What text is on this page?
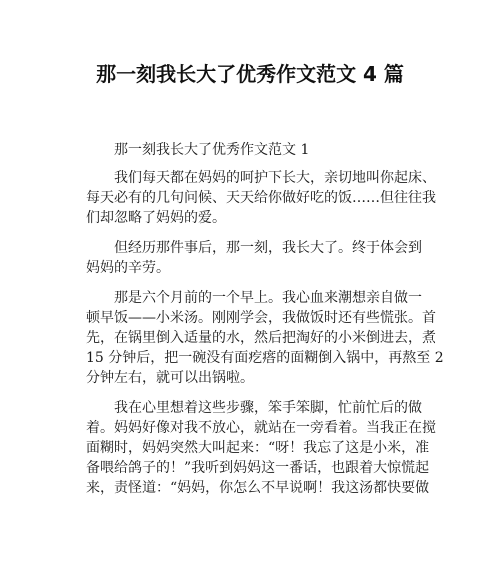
那一刻我长大了优秀作文范文 4 篇
那一刻我长大了优秀作文范文 1
我们每天都在妈妈的呵护下长大，亲切地叫你起床、
每天必有的几句问候、天天给你做好吃的饭……但往往我
们却忽略了妈妈的爱。
但经历那件事后，那一刻，我长大了。终于体会到
妈妈的辛劳。
那是六个月前的一个早上。我心血来潮想亲自做一
顿早饭——小米汤。刚刚学会，我做饭时还有些慌张。首
先，在锅里倒入适量的水，然后把淘好的小米倒进去，煮
15 分钟后，把一碗没有面疙瘩的面糊倒入锅中，再熬至 2
分钟左右，就可以出锅啦。
我在心里想着这些步骤，笨手笨脚，忙前忙后的做
着。妈妈好像对我不放心，就站在一旁看着。当我正在搅
面糊时，妈妈突然大叫起来：“呀！我忘了这是小米，准
备喂给鸽子的！”我听到妈妈这一番话，也跟着大惊慌起
来，责怪道：“妈妈，你怎么不早说啊！我这汤都快要做
